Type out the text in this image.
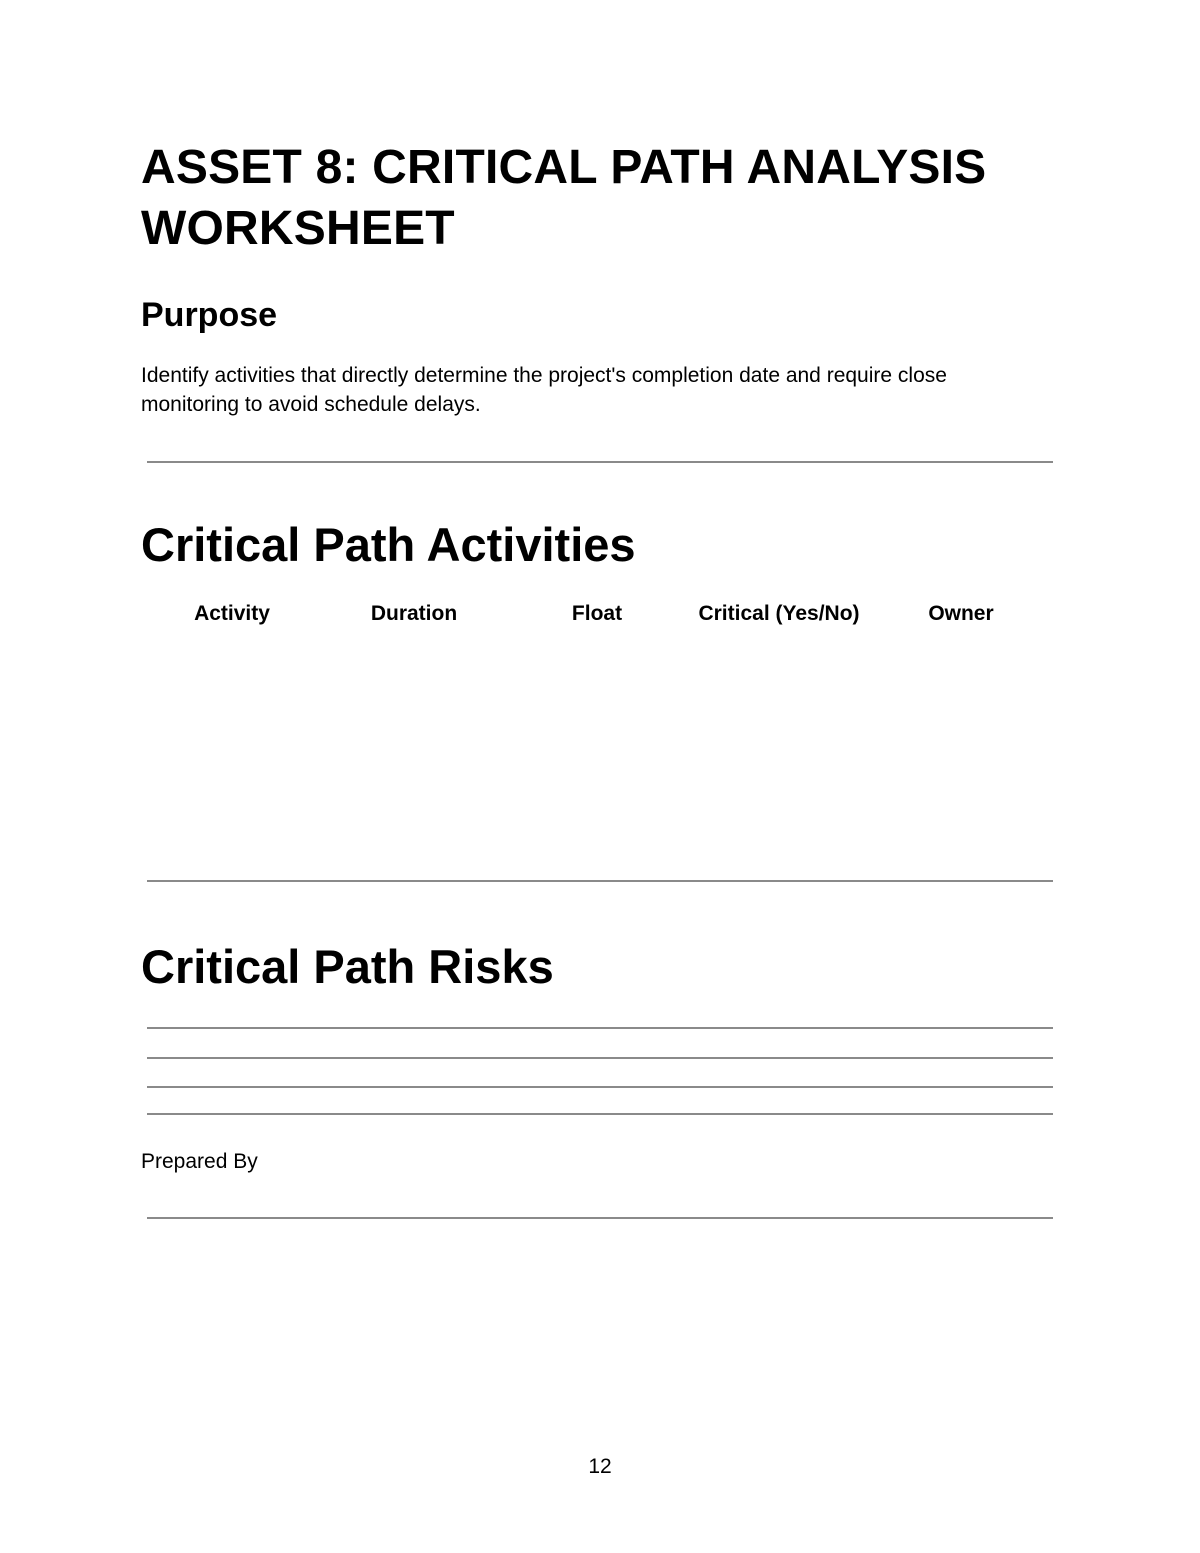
ASSET 8: CRITICAL PATH ANALYSIS WORKSHEET
Purpose

Identify activities that directly determine the project's completion date and require close monitoring to avoid schedule delays.

Critical Path Activities
Activity	Duration	Float	Critical (Yes/No)	Owner
Critical Path Risks
Prepared By
12
